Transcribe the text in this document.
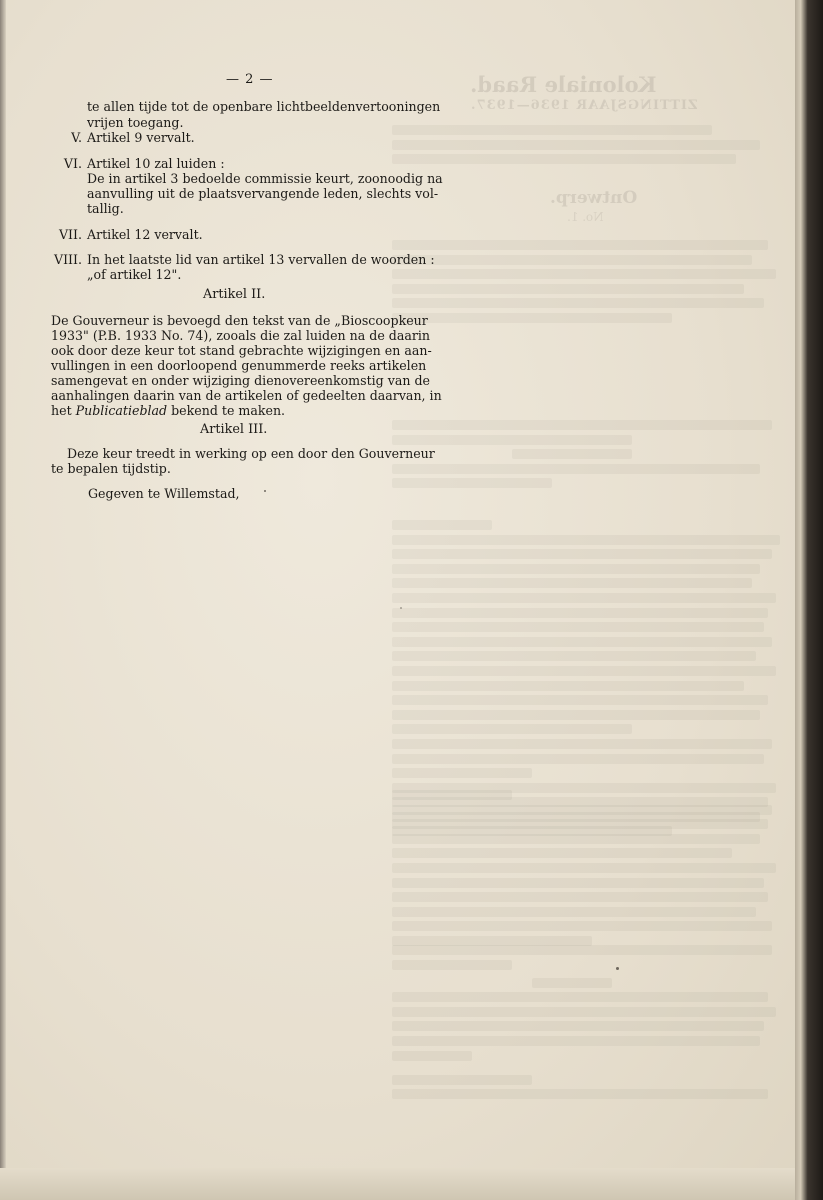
Koloniale Raad.
ZITTINGSJAAR 1936—1937.
Ontwerp.
No. 1.
— 2 —
te allen tijde tot de openbare lichtbeeldenvertooningen
vrijen toegang.
V. Artikel 9 vervalt.
VI. Artikel 10 zal luiden :
De in artikel 3 bedoelde commissie keurt, zoonoodig na
aanvulling uit de plaatsvervangende leden, slechts vol-
tallig.
VII. Artikel 12 vervalt.
VIII. In het laatste lid van artikel 13 vervallen de woorden :
„of artikel 12".
Artikel II.
De Gouverneur is bevoegd den tekst van de „Bioscoopkeur
1933" (P.B. 1933 No. 74), zooals die zal luiden na de daarin
ook door deze keur tot stand gebrachte wijzigingen en aan-
vullingen in een doorloopend genummerde reeks artikelen
samengevat en onder wijziging dienovereenkomstig van de
aanhalingen daarin van de artikelen of gedeelten daarvan, in
het Publicatieblad bekend te maken.
Artikel III.
Deze keur treedt in werking op een door den Gouverneur
te bepalen tijdstip.
Gegeven te Willemstad,
